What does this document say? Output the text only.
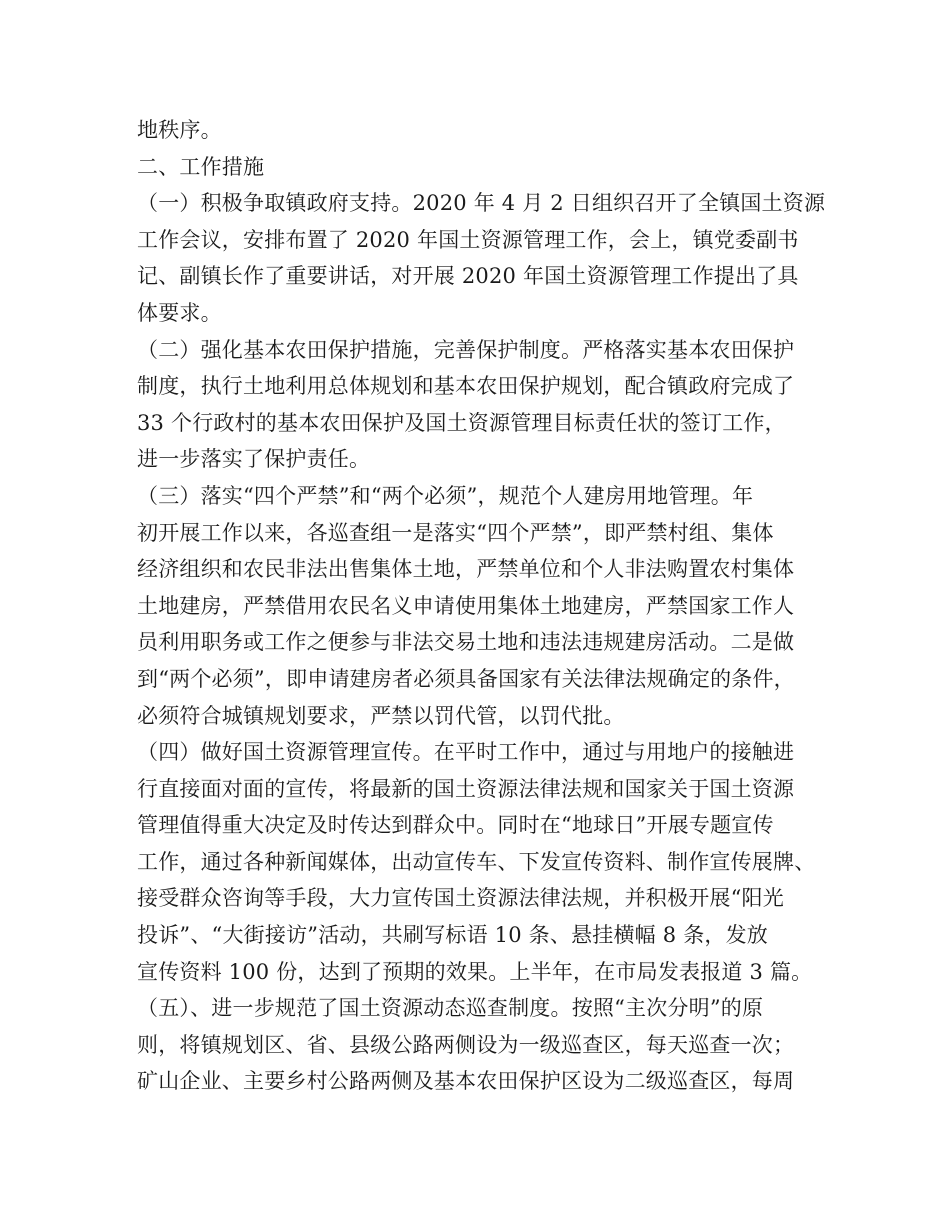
地秩序。
二、工作措施
（一）积极争取镇政府支持。2020 年 4 月 2 日组织召开了全镇国土资源
工作会议，安排布置了 2020 年国土资源管理工作，会上，镇党委副书
记、副镇长作了重要讲话，对开展 2020 年国土资源管理工作提出了具
体要求。
（二）强化基本农田保护措施，完善保护制度。严格落实基本农田保护
制度，执行土地利用总体规划和基本农田保护规划，配合镇政府完成了
33 个行政村的基本农田保护及国土资源管理目标责任状的签订工作，
进一步落实了保护责任。
（三）落实“四个严禁”和“两个必须”，规范个人建房用地管理。年
初开展工作以来，各巡查组一是落实“四个严禁”，即严禁村组、集体
经济组织和农民非法出售集体土地，严禁单位和个人非法购置农村集体
土地建房，严禁借用农民名义申请使用集体土地建房，严禁国家工作人
员利用职务或工作之便参与非法交易土地和违法违规建房活动。二是做
到“两个必须”，即申请建房者必须具备国家有关法律法规确定的条件，
必须符合城镇规划要求，严禁以罚代管，以罚代批。
（四）做好国土资源管理宣传。在平时工作中，通过与用地户的接触进
行直接面对面的宣传，将最新的国土资源法律法规和国家关于国土资源
管理值得重大决定及时传达到群众中。同时在“地球日”开展专题宣传
工作，通过各种新闻媒体，出动宣传车、下发宣传资料、制作宣传展牌、
接受群众咨询等手段，大力宣传国土资源法律法规，并积极开展“阳光
投诉”、“大街接访”活动，共刷写标语 10 条、悬挂横幅 8 条，发放
宣传资料 100 份，达到了预期的效果。上半年，在市局发表报道 3 篇。
（五）、进一步规范了国土资源动态巡查制度。按照“主次分明”的原
则，将镇规划区、省、县级公路两侧设为一级巡查区，每天巡查一次；
矿山企业、主要乡村公路两侧及基本农田保护区设为二级巡查区，每周
